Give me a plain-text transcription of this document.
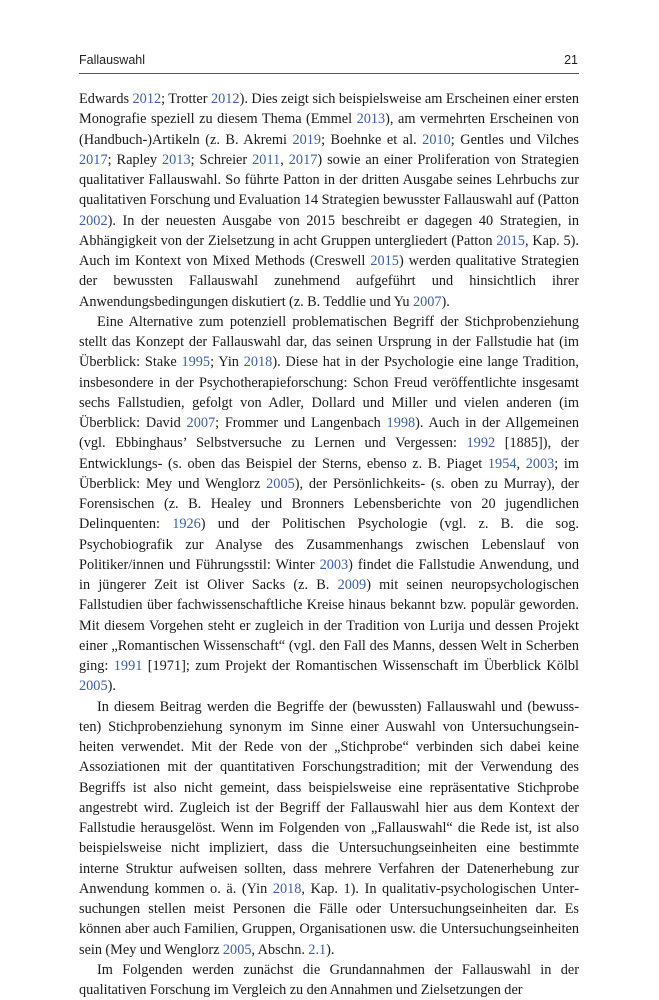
Fallauswahl	21

Edwards 2012; Trotter 2012). Dies zeigt sich beispielsweise am Erscheinen einer ersten Monografie speziell zu diesem Thema (Emmel 2013), am vermehrten Erscheinen von (Handbuch-)Artikeln (z. B. Akremi 2019; Boehnke et al. 2010; Gentles und Vilches 2017; Rapley 2013; Schreier 2011, 2017) sowie an einer Proliferation von Strategien qualitativer Fallauswahl. So führte Patton in der dritten Ausgabe seines Lehrbuchs zur qualitativen Forschung und Evaluation 14 Strategien bewusster Fallauswahl auf (Patton 2002). In der neuesten Ausgabe von 2015 beschreibt er dagegen 40 Strategien, in Abhängigkeit von der Zielsetzung in acht Gruppen untergliedert (Patton 2015, Kap. 5). Auch im Kontext von Mixed Methods (Creswell 2015) werden qualitative Strategien der bewussten Fallauswahl zunehmend aufgeführt und hinsichtlich ihrer Anwendungsbedingungen diskutiert (z. B. Teddlie und Yu 2007).

Eine Alternative zum potenziell problematischen Begriff der Stichprobenziehung stellt das Konzept der Fallauswahl dar, das seinen Ursprung in der Fallstudie hat (im Überblick: Stake 1995; Yin 2018). Diese hat in der Psychologie eine lange Tradition, insbesondere in der Psychotherapieforschung: Schon Freud veröffentlichte insgesamt sechs Fallstudien, gefolgt von Adler, Dollard und Miller und vielen anderen (im Überblick: David 2007; Frommer und Langenbach 1998). Auch in der Allgemeinen (vgl. Ebbinghaus’ Selbstversuche zu Lernen und Vergessen: 1992 [1885]), der Entwicklungs- (s. oben das Beispiel der Sterns, ebenso z. B. Piaget 1954, 2003; im Überblick: Mey und Wenglorz 2005), der Persönlichkeits- (s. oben zu Murray), der Forensischen (z. B. Healey und Bronners Lebensberichte von 20 jugendlichen Delinquenten: 1926) und der Politischen Psychologie (vgl. z. B. die sog. Psychobiografik zur Analyse des Zusammenhangs zwischen Lebenslauf von Politiker/innen und Führungsstil: Winter 2003) findet die Fallstudie Anwendung, und in jüngerer Zeit ist Oliver Sacks (z. B. 2009) mit seinen neuropsychologischen Fallstudien über fachwissenschaftliche Kreise hinaus bekannt bzw. populär geworden. Mit diesem Vorgehen steht er zugleich in der Tradition von Lurija und dessen Projekt einer „Romantischen Wissenschaft“ (vgl. den Fall des Manns, dessen Welt in Scherben ging: 1991 [1971]; zum Projekt der Romantischen Wissenschaft im Überblick Kölbl 2005).

In diesem Beitrag werden die Begriffe der (bewussten) Fallauswahl und (bewussten) Stichprobenziehung synonym im Sinne einer Auswahl von Untersuchungseinheiten verwendet. Mit der Rede von der „Stichprobe“ verbinden sich dabei keine Assoziationen mit der quantitativen Forschungstradition; mit der Verwendung des Begriffs ist also nicht gemeint, dass beispielsweise eine repräsentative Stichprobe angestrebt wird. Zugleich ist der Begriff der Fallauswahl hier aus dem Kontext der Fallstudie herausgelöst. Wenn im Folgenden von „Fallauswahl“ die Rede ist, ist also beispielsweise nicht impliziert, dass die Untersuchungseinheiten eine bestimmte interne Struktur aufweisen sollten, dass mehrere Verfahren der Datenerhebung zur Anwendung kommen o. ä. (Yin 2018, Kap. 1). In qualitativ-psychologischen Untersuchungen stellen meist Personen die Fälle oder Untersuchungseinheiten dar. Es können aber auch Familien, Gruppen, Organisationen usw. die Untersuchungseinheiten sein (Mey und Wenglorz 2005, Abschn. 2.1).

Im Folgenden werden zunächst die Grundannahmen der Fallauswahl in der qualitativen Forschung im Vergleich zu den Annahmen und Zielsetzungen der
